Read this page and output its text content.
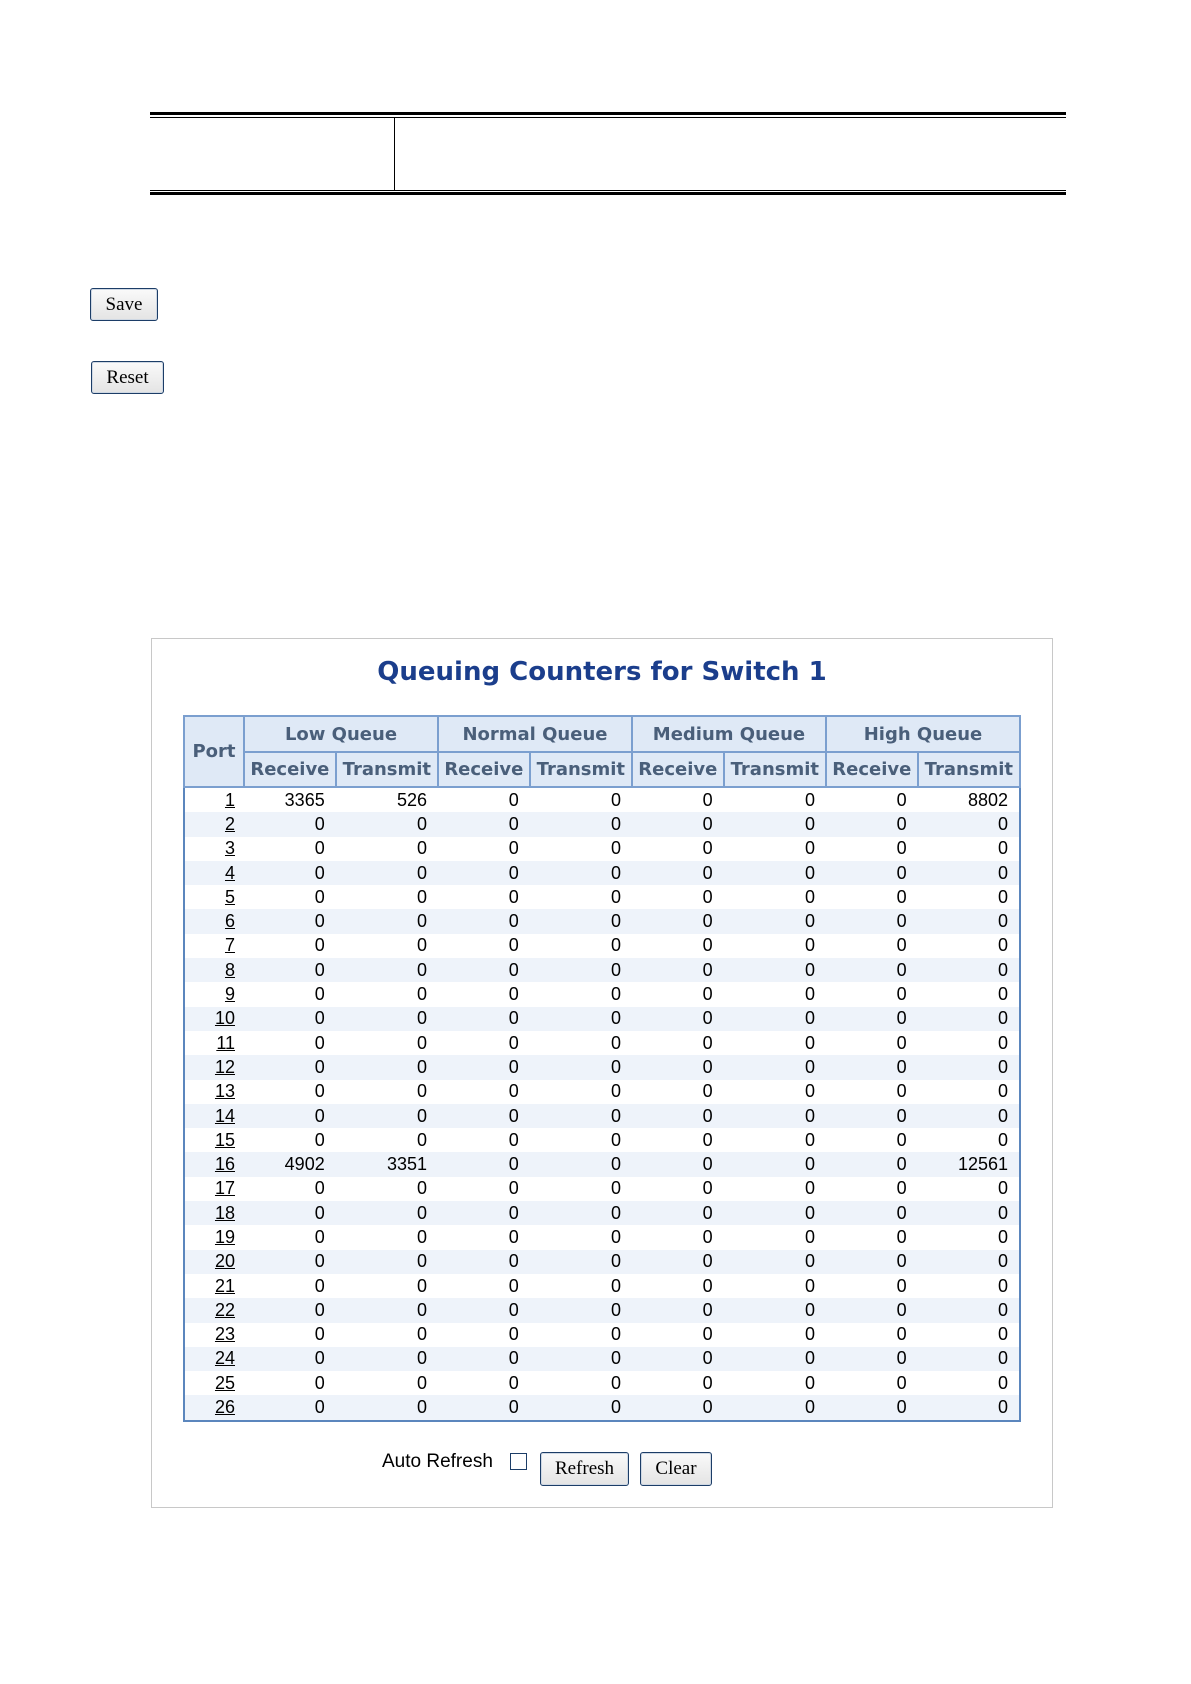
Save
Reset
Queuing Counters for Switch 1
Port	Low Queue		Normal Queue		Medium Queue		High Queue	
	Receive	Transmit	Receive	Transmit	Receive	Transmit	Receive	Transmit
1	3365	526	0	0	0	0	0	8802
2	0	0	0	0	0	0	0	0
3	0	0	0	0	0	0	0	0
4	0	0	0	0	0	0	0	0
5	0	0	0	0	0	0	0	0
6	0	0	0	0	0	0	0	0
7	0	0	0	0	0	0	0	0
8	0	0	0	0	0	0	0	0
9	0	0	0	0	0	0	0	0
10	0	0	0	0	0	0	0	0
11	0	0	0	0	0	0	0	0
12	0	0	0	0	0	0	0	0
13	0	0	0	0	0	0	0	0
14	0	0	0	0	0	0	0	0
15	0	0	0	0	0	0	0	0
16	4902	3351	0	0	0	0	0	12561
17	0	0	0	0	0	0	0	0
18	0	0	0	0	0	0	0	0
19	0	0	0	0	0	0	0	0
20	0	0	0	0	0	0	0	0
21	0	0	0	0	0	0	0	0
22	0	0	0	0	0	0	0	0
23	0	0	0	0	0	0	0	0
24	0	0	0	0	0	0	0	0
25	0	0	0	0	0	0	0	0
26	0	0	0	0	0	0	0	0
Auto Refresh	Refresh	Clear
